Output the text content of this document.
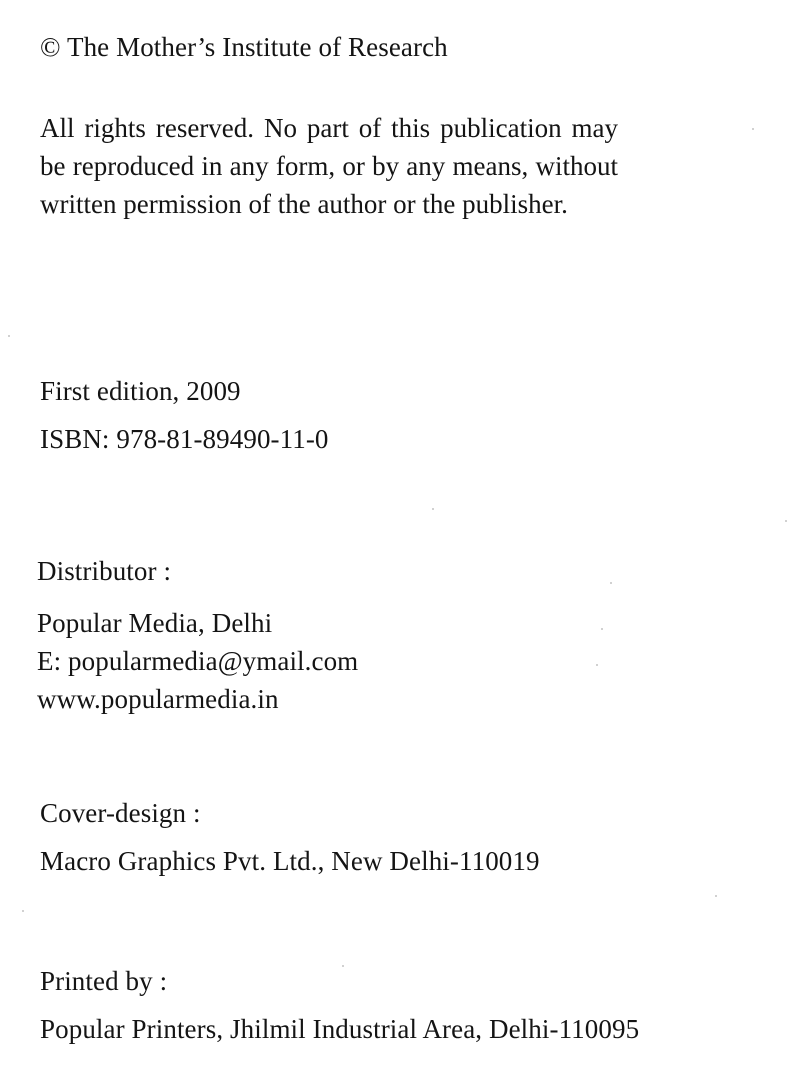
© The Mother’s Institute of Research
All rights reserved. No part of this publication may be reproduced in any form, or by any means, without written permission of the author or the publisher.
First edition, 2009
ISBN: 978-81-89490-11-0
Distributor :
Popular Media, Delhi
E: popularmedia@ymail.com
www.popularmedia.in
Cover-design :
Macro Graphics Pvt. Ltd., New Delhi-110019
Printed by :
Popular Printers, Jhilmil Industrial Area, Delhi-110095
